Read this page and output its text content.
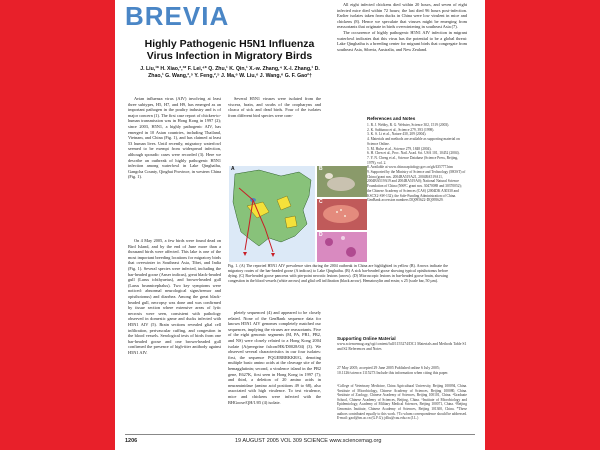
BREVIA
Highly Pathogenic H5N1 Influenza Virus Infection in Migratory Birds
J. Liu,¹* H. Xiao,²,³* F. Lei,⁴* Q. Zhu,¹ K. Qin,¹ X.-w. Zhang,⁴ X.-l. Zhang,¹ D. Zhao,¹ G. Wang,²,⁵ Y. Feng,²,⁵ J. Ma,⁶ W. Liu,⁶ J. Wang,⁶ G. F. Gao²†

Avian influenza virus (AIV) involving at least three subtypes, H5, H7, and H9, has emerged as an important pathogen in the poultry industry and is of major concern (1). The first case report of chicken-to-human transmission was in Hong Kong in 1997 (2); since 2003, H5N1, a highly pathogenic AIV, has emerged in 10 Asian countries, including Thailand, Vietnam, and China (Fig. 1), and has claimed at least 53 human lives. Until recently, migratory waterfowl seemed to be exempt from widespread infection, although sporadic cases were recorded (3). Here we describe an outbreak of highly pathogenic H5N1 infection among waterfowl in Lake Qinghaihu, Gangcha County, Qinghai Province, in western China (Fig. 1).

On 4 May 2005, a few birds were found dead on Bird Island, and by the end of June more than a thousand birds were affected. This lake is one of the most important breeding locations for migratory birds that overwinter in Southeast Asia, Tibet, and India (Fig. 1). Several species were infected, including the bar-headed goose (Anser indicus), great black-headed gull (Larus ichthyaetus), and brown-headed gull (Larus brunnicephalus). Two key symptoms were noticed: abnormal neurological signs/tremor and opisthotonus) and diarrhea. Among the great black-headed gull, necropsy was done and was confirmed by tissue section where extensive areas of lytic necrosis were seen, consistent with pathology observed in domestic game and ducks infected with H5N1 AIV (5). Brain sections revealed glial cell infiltration, perivascular cuffing, and congestion in the blood vessels. Serological tests of birds from one bar-headed goose and one brown-headed gull confirmed the presence of high-titer antibody against H5N1 AIV.

Several H5N1 viruses were isolated from the viscera, brain, and swabs of the oropharynx and cloaca of sick and dead birds. Four of the isolates from different bird species were com-

pletely sequenced (4) and appeared to be closely related. None of the GenBank sequence data for known H5N1 AIV genomes completely matched our sequences, implying the viruses are reassortants. Five of the eight genomic segments (M, PA, PB1, PB2, and NS) were closely related to a Hong Kong 2004 isolate (A/peregrine falcon/HK/D0028/04) (3). We observed several characteristics in our four isolates: first, the sequence PQGERRRKKR/G, denoting multiple basic amino acids at the cleavage site of the hemagglutinin; second, a virulence island in the PB2 gene, E627K, first seen in Hong Kong in 1997 (7); and third, a deletion of 20 amino acids in neuraminidase (amino acid positions 49 to 68), also associated with high virulence. To test virulence, mice and chickens were infected with the BHGoose/QH/1/05 (4) isolate.

All eight infected chickens died within 20 hours, and seven of eight infected mice died within 72 hours; the last died 96 hours post-infection. Earlier isolates taken from ducks in China were low virulent in mice and chickens (8). Hence we speculate that viruses might be emerging from reassortants that originate in birds overwintering in southeast Asia (7).

The occurrence of highly pathogenic H5N1 AIV infection in migrant waterfowl indicates that this virus has the potential to be a global threat: Lake Qinghaihu is a breeding center for migrant birds that congregate from southeast Asia, Siberia, Australia, and New Zealand.

References and Notes
1. R. J. Webby, R. G. Webster, Science 302, 1519 (2003).
2. K. Subbarao et al., Science 279, 393 (1998).
3. K. S. Li et al., Nature 430, 209 (2004).
4. Materials and methods are available as supporting material on Science Online.
5. M. Hulse et al., Science 279, 1848 (2004).
6. H. Chen et al., Proc. Natl. Acad. Sci. USA 101, 10452 (2004).
7. Y. N. Cheng et al., Science Database (Science Press, Beijing, 1979), vol. 2.
8. Available at www.chinacapitology.gov.cn/gb/435777.htm
9. Supported by the Ministry of Science and Technology (MOST) of China (grant nos. 2004BA519A21, 2004BA519A11, 2004BA519A19 and 2004BA519A0); National Natural Science Foundation of China (NSFC grant nos. 30470088 and 30370052); the Chinese Academy of Sciences (CAS) (2004DK A30330 and KSCX2-SW-132); the Sole-Funding Administration of China. GenBank accession numbers DQ095622-DQ095629.
A	B
C
D
Fig. 1. (A) The reported H5N1 AIV prevalence sites during the 2004 outbreak in China are highlighted in yellow (B). Arrows indicate the migratory routes of the bar-headed goose (A indicus) to Lake Qinghaihu. (B) A sick bar-headed goose showing typical opisthotonus before dying. (C) Bar-headed goose pancreas with pin-point necrotic lesions (arrow). (D) Microscopic lesions in bar-headed goose brain, showing congestion in the blood vessels (white arrows) and glial cell infiltration (black arrow). Hematoxylin and eosin; x 25 (scale bar, 50 µm).
Supporting Online Material
www.sciencemag.org/cgi/content/full/1155274/DC1 Materials and Methods Table S1 and S2 References and Notes
27 May 2005; accepted 29 June 2005 Published online 6 July 2005; 10.1126/science.1115273 Include this information when citing this paper.
¹College of Veterinary Medicine, China Agricultural University, Beijing 100094, China. ²Institute of Microbiology, Chinese Academy of Sciences, Beijing 100080, China. ³Institute of Zoology, Chinese Academy of Sciences, Beijing 100101, China. ⁴Graduate School, Chinese Academy of Sciences, Beijing, China. ⁵Institute of Microbiology and Epidemiology, Academy of Military Medical Sciences, Beijing 100071, China. ⁶Beijing Genomics Institute, Chinese Academy of Sciences, Beijing 101300, China. *These authors contributed equally to this work. †To whom correspondence should be addressed. E-mail: gaof@im.ac.cn (G.F.G); jdliu@cau.edu.cn (J.L.)
1206	19 AUGUST 2005 VOL 309 SCIENCE www.sciencemag.org
